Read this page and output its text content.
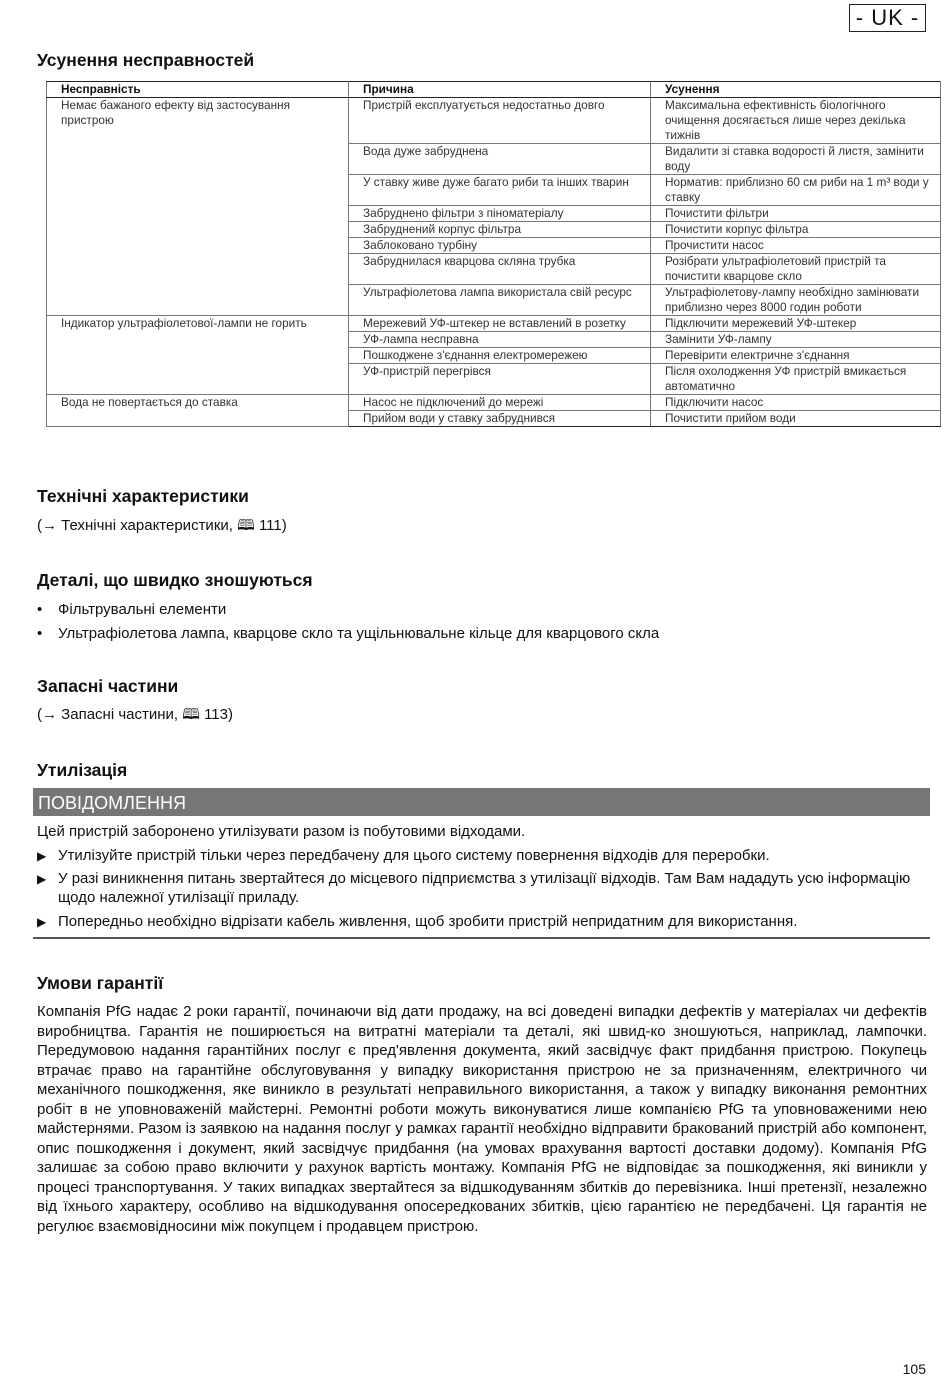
- UK -
Усунення несправностей
Несправність	Причина	Усунення
Немає бажаного ефекту від застосування пристрою	Пристрій експлуатується недостатньо довго	Максимальна ефективність біологічного очищення досягається лише через декілька тижнів
	Вода дуже забруднена	Видалити зі ставка водорості й листя, замінити воду
	У ставку живе дуже багато риби та інших тварин	Норматив: приблизно 60 см риби на 1 m³ води у ставку
	Забруднено фільтри з піноматеріалу	Почистити фільтри
	Забруднений корпус фільтра	Почистити корпус фільтра
	Заблоковано турбіну	Прочистити насос
	Забруднилася кварцова скляна трубка	Розібрати ультрафіолетовий пристрій та почистити кварцове скло
	Ультрафіолетова лампа використала свій ресурс	Ультрафіолетову-лампу необхідно замінювати приблизно через 8000 годин роботи
Індикатор ультрафіолетової-лампи не горить	Мережевий УФ-штекер не вставлений в розетку	Підключити мережевий УФ-штекер
	УФ-лампа несправна	Замінити УФ-лампу
	Пошкоджене з'єднання електромережею	Перевірити електричне з'єднання
	УФ-пристрій перегрівся	Після охолодження УФ пристрій вмикається автоматично
Вода не повертається до ставка	Насос не підключений до мережі	Підключити насос
	Прийом води у ставку забруднився	Почистити прийом води
Технічні характеристики
(→ Технічні характеристики, 🕮 111)
Деталі, що швидко зношуються
• Фільтрувальні елементи
• Ультрафіолетова лампа, кварцове скло та ущільнювальне кільце для кварцового скла
Запасні частини
(→ Запасні частини, 🕮 113)
Утилізація
ПОВІДОМЛЕННЯ
Цей пристрій заборонено утилізувати разом із побутовими відходами.
▶ Утилізуйте пристрій тільки через передбачену для цього систему повернення відходів для переробки.
▶ У разі виникнення питань звертайтеся до місцевого підприємства з утилізації відходів. Там Вам нададуть усю інформацію щодо належної утилізації приладу.
▶ Попередньо необхідно відрізати кабель живлення, щоб зробити пристрій непридатним для використання.
Умови гарантії
Компанія PfG надає 2 роки гарантії, починаючи від дати продажу, на всі доведені випадки дефектів у матеріалах чи дефектів виробництва. Гарантія не поширюється на витратні матеріали та деталі, які швид-ко зношуються, наприклад, лампочки. Передумовою надання гарантійних послуг є пред'явлення документа, який засвідчує факт придбання пристрою. Покупець втрачає право на гарантійне обслуговування у випадку використання пристрою не за призначенням, електричного чи механічного пошкодження, яке виникло в результаті неправильного використання, а також у випадку виконання ремонтних робіт в не уповноваженій майстерні. Ремонтні роботи можуть виконуватися лише компанією PfG та уповноваженими нею майстернями. Разом із заявкою на надання послуг у рамках гарантії необхідно відправити бракований пристрій або компонент, опис пошкодження і документ, який засвідчує придбання (на умовах врахування вартості доставки додому). Компанія PfG залишає за собою право включити у рахунок вартість монтажу. Компанія PfG не відповідає за пошкодження, які виникли у процесі транспортування. У таких випадках звертайтеся за відшкодуванням збитків до перевізника. Інші претензії, незалежно від їхнього характеру, особливо на відшкодування опосередкованих збитків, цією гарантією не передбачені. Ця гарантія не регулює взаємовідносини між покупцем і продавцем пристрою.
105
